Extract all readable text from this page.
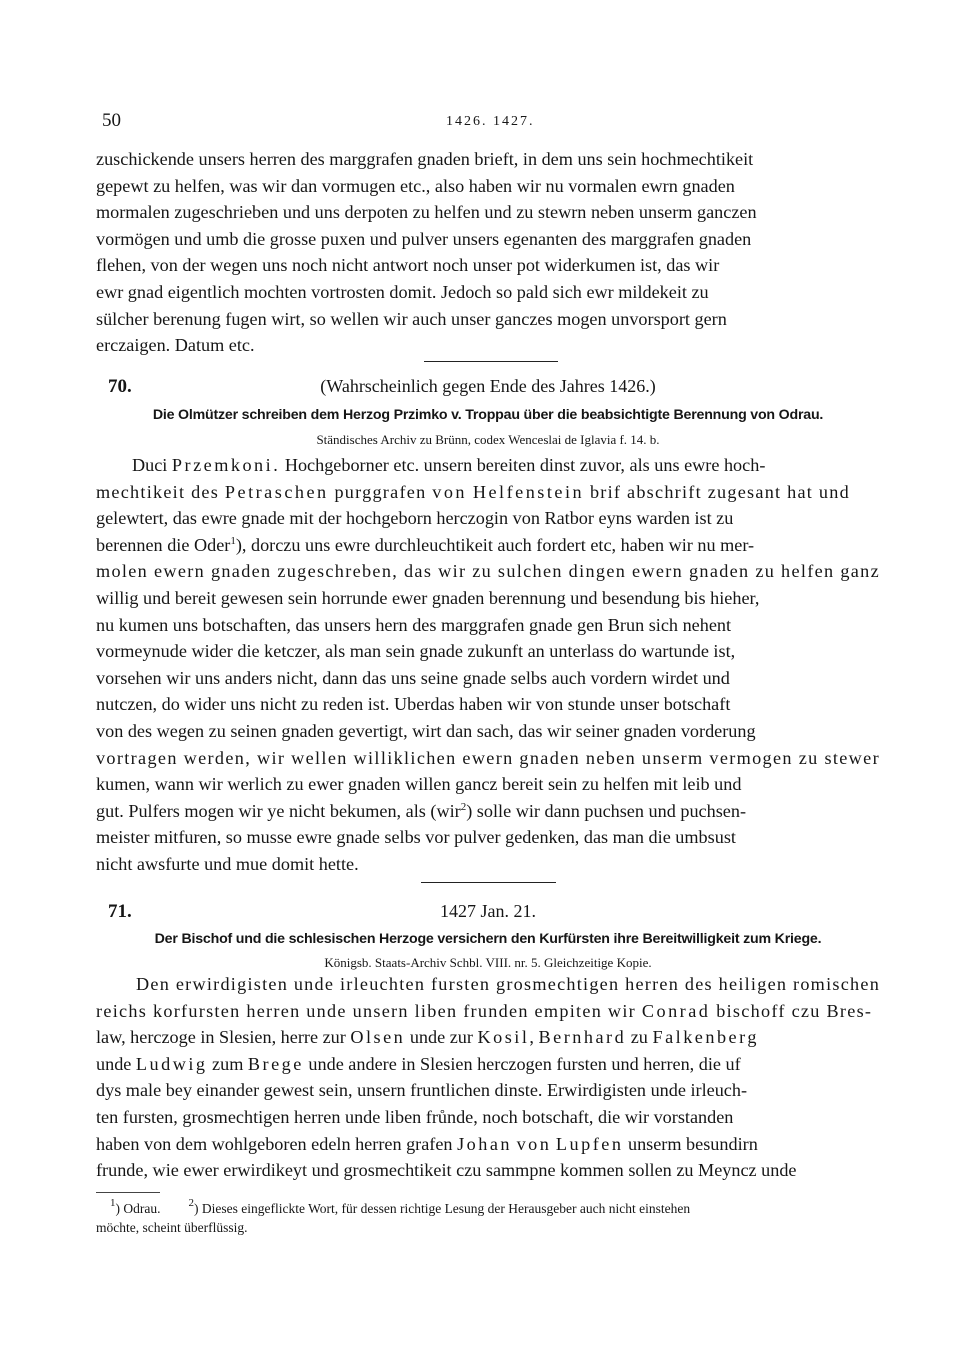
50	1426. 1427.
zuschickende unsers herren des marggrafen gnaden brieft, in dem uns sein hochmechtikeit
gepewt zu helfen, was wir dan vormugen etc., also haben wir nu vormalen ewrn gnaden
mormalen zugeschrieben und uns derpoten zu helfen und zu stewrn neben unserm ganczen
vormögen und umb die grosse puxen und pulver unsers egenanten des marggrafen gnaden
flehen, von der wegen uns noch nicht antwort noch unser pot widerkumen ist, das wir
ewr gnad eigentlich mochten vortrosten domit. Jedoch so pald sich ewr mildekeit zu
sülcher berenung fugen wirt, so wellen wir auch unser ganczes mogen unvorsport gern
erczaigen. Datum etc.
70.	(Wahrscheinlich gegen Ende des Jahres 1426.)
Die Olmützer schreiben dem Herzog Przimko v. Troppau über die beabsichtigte Berennung von Odrau.
Ständisches Archiv zu Brünn, codex Wenceslai de Iglavia f. 14. b.
Duci Przemkoni. Hochgeborner etc. unsern bereiten dinst zuvor, als uns ewre hoch-
mechtikeit des Petraschen purggrafen von Helfenstein brif abschrift zugesant hat und
gelewtert, das ewre gnade mit der hochgeborn herczogin von Ratbor eyns warden ist zu
berennen die Oder$^1$), dorczu uns ewre durchleuchtikeit auch fordert etc, haben wir nu mer-
molen ewern gnaden zugeschreben, das wir zu sulchen dingen ewern gnaden zu helfen ganz
willig und bereit gewesen sein horrunde ewer gnaden berennung und besendung bis hieher,
nu kumen uns botschaften, das unsers hern des marggrafen gnade gen Brun sich nehent
vormeynude wider die ketczer, als man sein gnade zukunft an unterlass do wartunde ist,
vorsehen wir uns anders nicht, dann das uns seine gnade selbs auch vordern wirdet und
nutczen, do wider uns nicht zu reden ist. Uberdas haben wir von stunde unser botschaft
von des wegen zu seinen gnaden gevertigt, wirt dan sach, das wir seiner gnaden vorderung
vortragen werden, wir wellen williklichen ewern gnaden neben unserm vermogen zu stewer
kumen, wann wir werlich zu ewer gnaden willen gancz bereit sein zu helfen mit leib und
gut. Pulfers mogen wir ye nicht bekumen, als (wir$^2$) solle wir dann puchsen und puchsen-
meister mitfuren, so musse ewre gnade selbs vor pulver gedenken, das man die umbsust
nicht awsfurte und mue domit hette.
71.	1427 Jan. 21.
Der Bischof und die schlesischen Herzoge versichern den Kurfürsten ihre Bereitwilligkeit zum Kriege.
Königsb. Staats-Archiv Schbl. VIII. nr. 5. Gleichzeitige Kopie.
Den erwirdigisten unde irleuchten fursten grosmechtigen herren des heiligen romischen
reichs korfursten herren unde unsern liben frunden empiten wir Conrad bischoff czu Bres-
law, herczoge in Slesien, herre zur Olsen unde zur Kosil, Bernhard zu Falkenberg
unde Ludwig zum Brege unde andere in Slesien herczogen fursten und herren, die uf
dys male bey einander gewest sein, unsern fruntlichen dinste. Erwirdigisten unde irleuch-
ten fursten, grosmechtigen herren unde liben frůnde, noch botschaft, die wir vorstanden
haben von dem wohlgeboren edeln herren grafen Johan von Lupfen unserm besundirn
frunde, wie ewer erwirdikeyt und grosmechtikeit czu sammpne kommen sollen zu Meyncz unde
$^1$) Odrau.	$^2$) Dieses eingeflickte Wort, für dessen richtige Lesung der Herausgeber auch nicht einstehen
möchte, scheint überflüssig.
